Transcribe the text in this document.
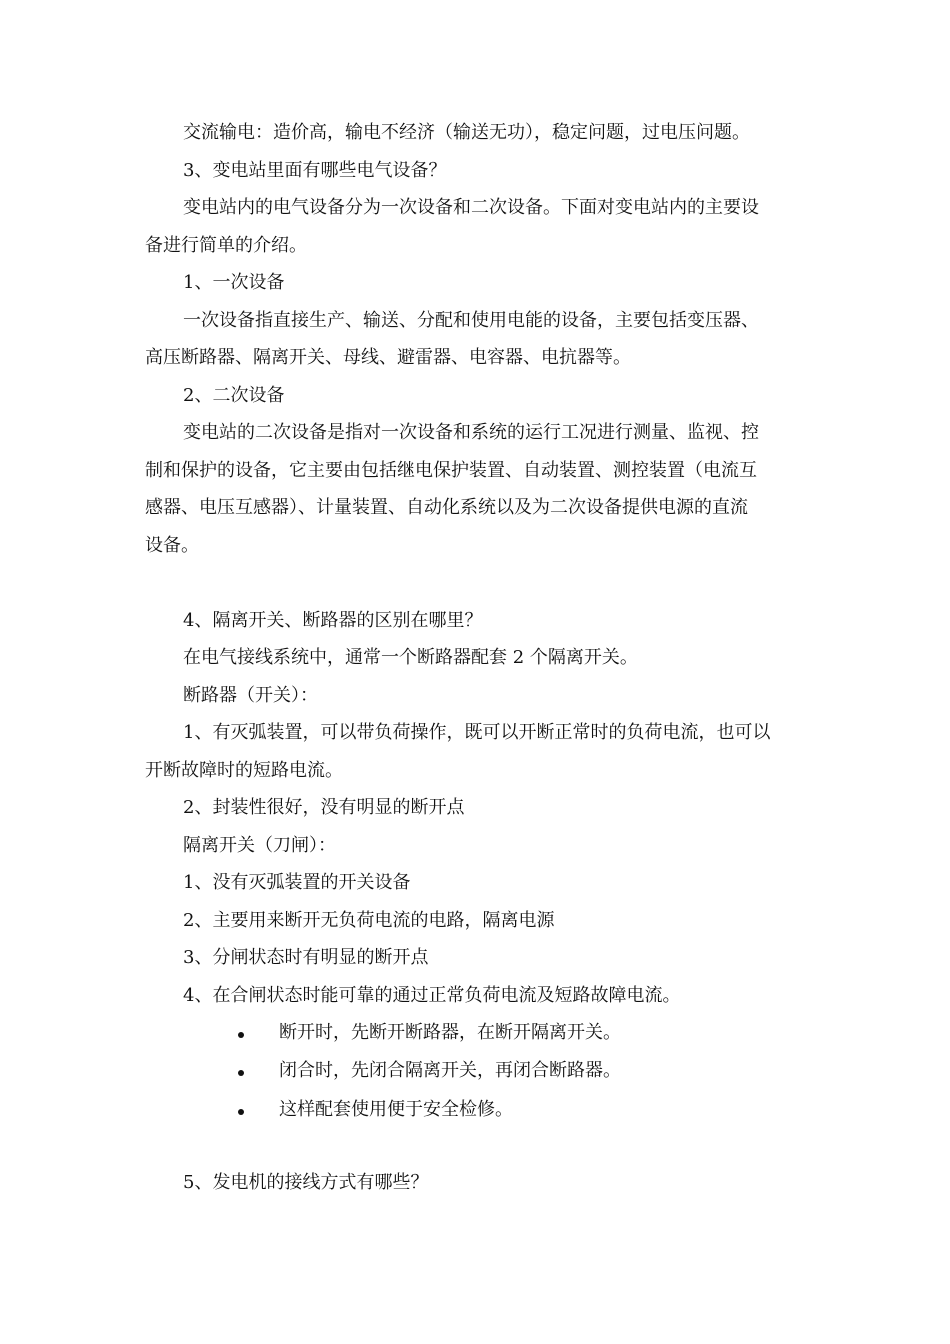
交流输电：造价高，输电不经济（输送无功），稳定问题，过电压问题。

3、变电站里面有哪些电气设备？

变电站内的电气设备分为一次设备和二次设备。下面对变电站内的主要设

备进行简单的介绍。

1、一次设备

一次设备指直接生产、输送、分配和使用电能的设备，主要包括变压器、

高压断路器、隔离开关、母线、避雷器、电容器、电抗器等。

2、二次设备

变电站的二次设备是指对一次设备和系统的运行工况进行测量、监视、控

制和保护的设备，它主要由包括继电保护装置、自动装置、测控装置（电流互

感器、电压互感器）、计量装置、自动化系统以及为二次设备提供电源的直流

设备。

4、隔离开关、断路器的区别在哪里？

在电气接线系统中，通常一个断路器配套 2 个隔离开关。

断路器（开关）：

1、有灭弧装置，可以带负荷操作，既可以开断正常时的负荷电流，也可以

开断故障时的短路电流。

2、封装性很好，没有明显的断开点

隔离开关（刀闸）：

1、没有灭弧装置的开关设备

2、主要用来断开无负荷电流的电路，隔离电源

3、分闸状态时有明显的断开点

4、在合闸状态时能可靠的通过正常负荷电流及短路故障电流。

断开时，先断开断路器，在断开隔离开关。
闭合时，先闭合隔离开关，再闭合断路器。
这样配套使用便于安全检修。

5、发电机的接线方式有哪些？
